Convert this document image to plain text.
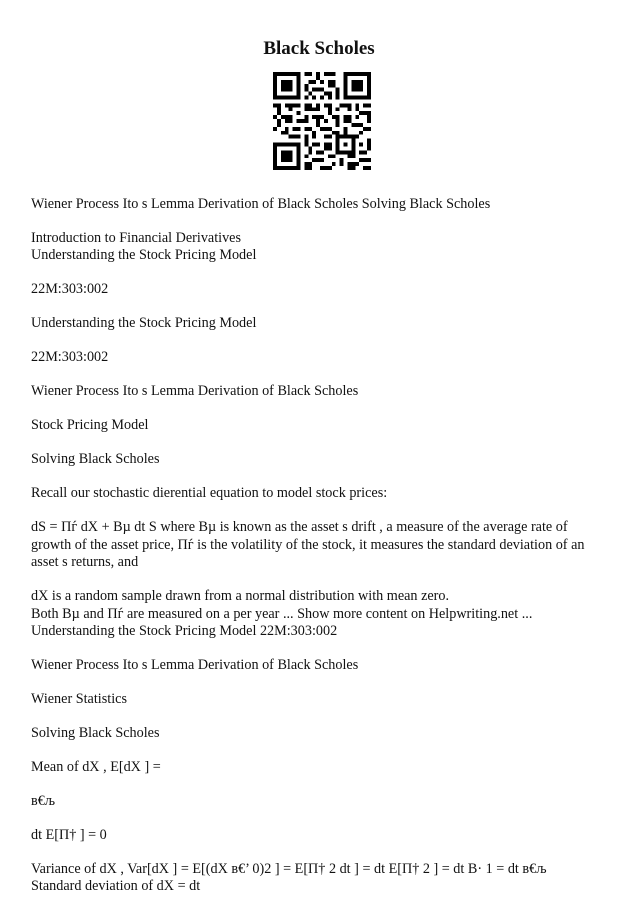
Black Scholes

Wiener Process Ito s Lemma Derivation of Black Scholes Solving Black Scholes

Introduction to Financial Derivatives

Understanding the Stock Pricing Model

22M:303:002

Understanding the Stock Pricing Model

22M:303:002

Wiener Process Ito s Lemma Derivation of Black Scholes

Stock Pricing Model

Solving Black Scholes

Recall our stochastic dierential equation to model stock prices:

dS = Пѓ dX + Вµ dt S where Вµ is known as the asset s drift , a measure of the average rate of growth of the asset price, Пѓ is the volatility of the stock, it measures the standard deviation of an asset s returns, and

dX is a random sample drawn from a normal distribution with mean zero.

Both Вµ and Пѓ are measured on a per year ... Show more content on Helpwriting.net ...

Understanding the Stock Pricing Model 22M:303:002

Wiener Process Ito s Lemma Derivation of Black Scholes

Wiener Statistics

Solving Black Scholes

Mean of dX , E[dX ] =

в€љ

dt E[П† ] = 0

Variance of dX , Var[dX ] = E[(dX в€’ 0)2 ] = E[П† 2 dt ] = dt E[П† 2 ] = dt В· 1 = dt в€љ

Standard deviation of dX = dt
